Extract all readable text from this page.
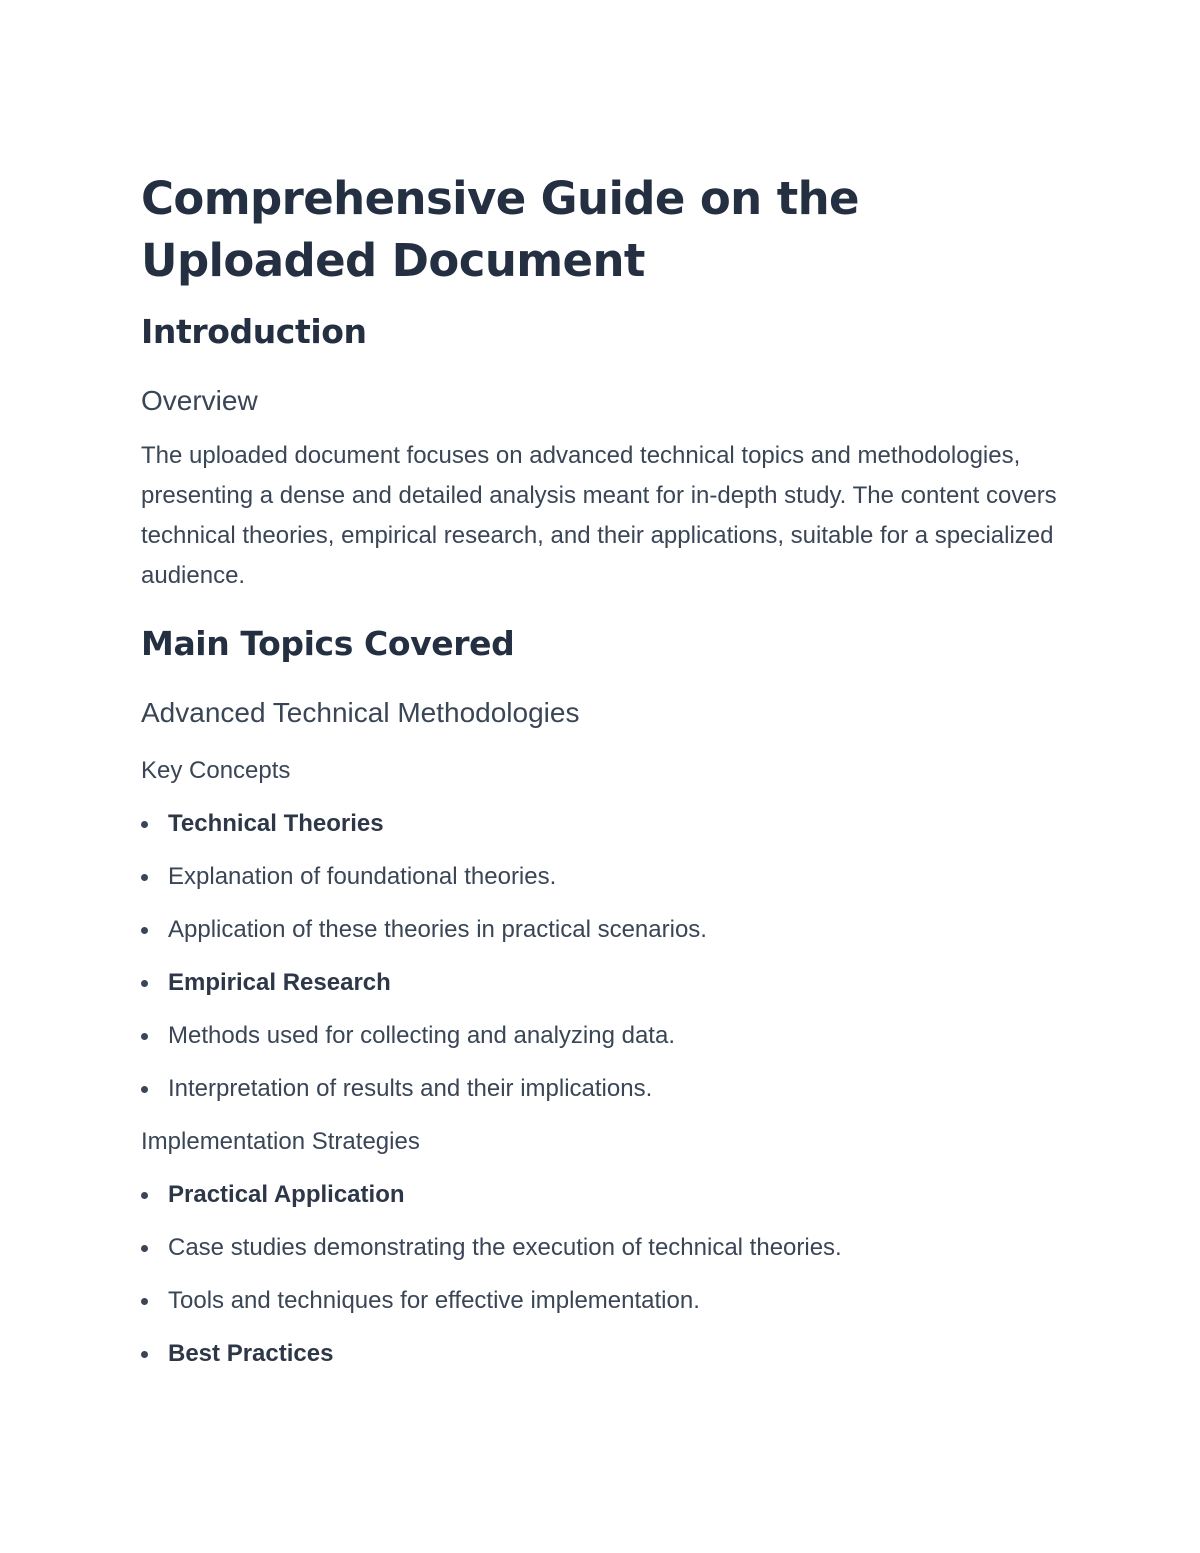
Comprehensive Guide on the Uploaded Document
Introduction
Overview

The uploaded document focuses on advanced technical topics and methodologies, presenting a dense and detailed analysis meant for in-depth study. The content covers technical theories, empirical research, and their applications, suitable for a specialized audience.

Main Topics Covered
Advanced Technical Methodologies
Key Concepts
Technical Theories
Explanation of foundational theories.
Application of these theories in practical scenarios.
Empirical Research
Methods used for collecting and analyzing data.
Interpretation of results and their implications.
Implementation Strategies
Practical Application
Case studies demonstrating the execution of technical theories.
Tools and techniques for effective implementation.
Best Practices
